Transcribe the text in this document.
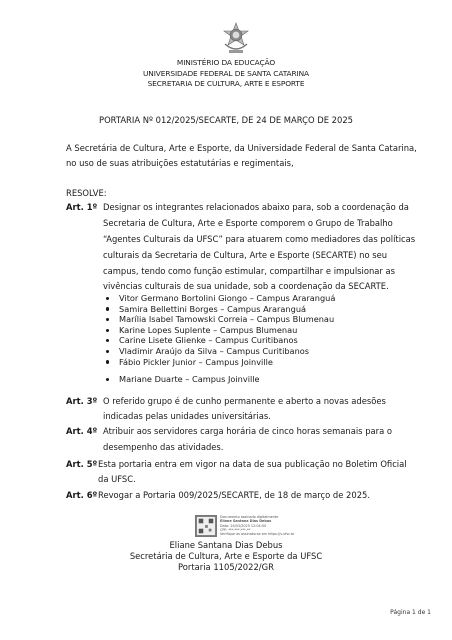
MINISTÉRIO DA EDUCAÇÃO
UNIVERSIDADE FEDERAL DE SANTA CATARINA
SECRETARIA DE CULTURA, ARTE E ESPORTE
PORTARIA Nº 012/2025/SECARTE, DE 24 DE MARÇO DE 2025
A Secretária de Cultura, Arte e Esporte, da Universidade Federal de Santa Catarina,
no uso de suas atribuições estatutárias e regimentais,
RESOLVE:
Art. 1º Designar os integrantes relacionados abaixo para, sob a coordenação da
Secretaria de Cultura, Arte e Esporte comporem o Grupo de Trabalho
“Agentes Culturais da UFSC” para atuarem como mediadores das políticas
culturais da Secretaria de Cultura, Arte e Esporte (SECARTE) no seu
campus, tendo como função estimular, compartilhar e impulsionar as
vivências culturais de sua unidade, sob a coordenação da SECARTE.
Vitor Germano Bortolini Giongo – Campus Araranguá
Samira Bellettini Borges – Campus Araranguá
Marília Isabel Tamowski Correia – Campus Blumenau
Karine Lopes Suplente – Campus Blumenau
Carine Lisete Glienke – Campus Curitibanos
Vladimir Araújo da Silva – Campus Curitibanos
Fábio Pickler Junior – Campus Joinville
Mariane Duarte – Campus Joinville
Art. 3º O referido grupo é de cunho permanente e aberto a novas adesões
indicadas pelas unidades universitárias.
Art. 4º Atribuir aos servidores carga horária de cinco horas semanais para o
desempenho das atividades.
Art. 5º Esta portaria entra em vigor na data de sua publicação no Boletim Oficial
da UFSC.
Art. 6º Revogar a Portaria 009/2025/SECARTE, de 18 de março de 2025.
Documento assinado digitalmente
Eliane Santana Dias Debus
Data: 24/03/2025 12:04:00
CPF: ***.***.***-**
Verifique as assinaturas em https://v.ufsc.br
Eliane Santana Dias Debus
Secretária de Cultura, Arte e Esporte da UFSC
Portaria 1105/2022/GR
Página 1 de 1
